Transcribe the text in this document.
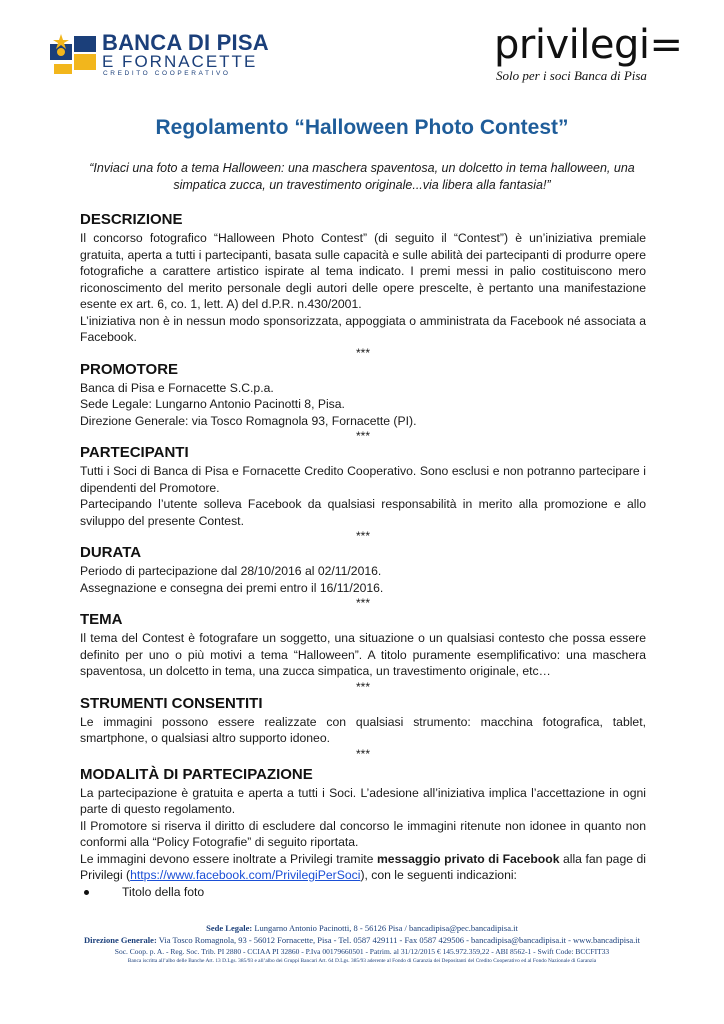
BANCA DI PISA
E FORNACETTE
CREDITO COOPERATIVO
privilegi=
Solo per i soci Banca di Pisa
Regolamento “Halloween Photo Contest”
“Inviaci una foto a tema Halloween: una maschera spaventosa, un dolcetto in tema halloween, una simpatica zucca, un travestimento originale...via libera alla fantasia!”
DESCRIZIONE

Il concorso fotografico “Halloween Photo Contest” (di seguito il “Contest”) è un’iniziativa premiale gratuita, aperta a tutti i partecipanti, basata sulle capacità e sulle abilità dei partecipanti di produrre opere fotografiche a carattere artistico ispirate al tema indicato. I premi messi in palio costituiscono mero riconoscimento del merito personale degli autori delle opere prescelte, è pertanto una manifestazione esente ex art. 6, co. 1, lett. A) del d.P.R. n.430/2001.

L’iniziativa non è in nessun modo sponsorizzata, appoggiata o amministrata da Facebook né associata a Facebook.

***
PROMOTORE

Banca di Pisa e Fornacette S.C.p.a.

Sede Legale: Lungarno Antonio Pacinotti 8, Pisa.

Direzione Generale: via Tosco Romagnola 93, Fornacette (PI).

***
PARTECIPANTI

Tutti i Soci di Banca di Pisa e Fornacette Credito Cooperativo. Sono esclusi e non potranno partecipare i dipendenti del Promotore.

Partecipando l’utente solleva Facebook da qualsiasi responsabilità in merito alla promozione e allo sviluppo del presente Contest.

***
DURATA

Periodo di partecipazione dal 28/10/2016 al 02/11/2016.

Assegnazione e consegna dei premi entro il 16/11/2016.

***
TEMA

Il tema del Contest è fotografare un soggetto, una situazione o un qualsiasi contesto che possa essere definito per uno o più motivi a tema “Halloween”. A titolo puramente esemplificativo: una maschera spaventosa, un dolcetto in tema, una zucca simpatica, un travestimento originale, etc…

***
STRUMENTI CONSENTITI

Le immagini possono essere realizzate con qualsiasi strumento: macchina fotografica, tablet, smartphone, o qualsiasi altro supporto idoneo.

***
MODALITÀ DI PARTECIPAZIONE

La partecipazione è gratuita e aperta a tutti i Soci. L’adesione all’iniziativa implica l’accettazione in ogni parte di questo regolamento.

Il Promotore si riserva il diritto di escludere dal concorso le immagini ritenute non idonee in quanto non conformi alla “Policy Fotografie” di seguito riportata.

Le immagini devono essere inoltrate a Privilegi tramite messaggio privato di Facebook alla fan page di Privilegi (https://www.facebook.com/PrivilegiPerSoci), con le seguenti indicazioni:

Titolo della foto
Sede Legale: Lungarno Antonio Pacinotti, 8 - 56126 Pisa / bancadipisa@pec.bancadipisa.it
Direzione Generale: Via Tosco Romagnola, 93 - 56012 Fornacette, Pisa - Tel. 0587 429111 - Fax 0587 429506 - bancadipisa@bancadipisa.it - www.bancadipisa.it
Soc. Coop. p. A. - Reg. Soc. Trib. PI 2880 - CCIAA PI 32860 - P.Iva 00179660501 - Patrim. al 31/12/2015 € 145.972.359,22 - ABI 8562-1 - Swift Code: BCCFIT33
Banca iscritta all’albo delle Banche Art. 13 D.Lgs. 385/93 e all’albo dei Gruppi Bancari Art. 64 D.Lgs. 385/93 aderente al Fondo di Garanzia dei Depositanti del Credito Cooperativo ed al Fondo Nazionale di Garanzia
